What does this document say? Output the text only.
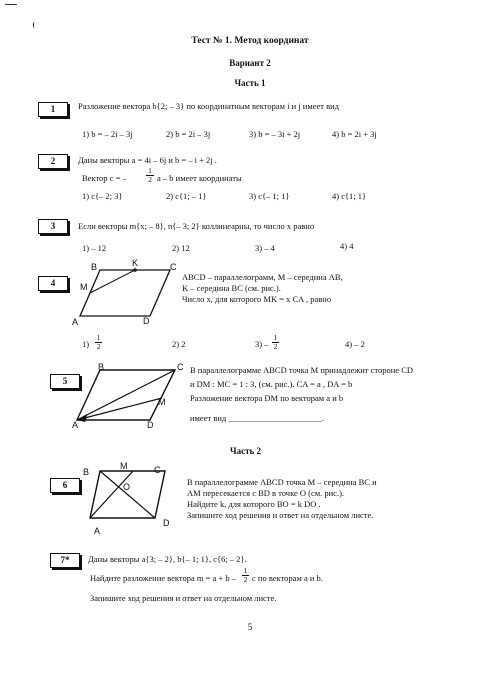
Тест № 1. Метод координат
Вариант 2
Часть 1
1	Разложение вектора b{2; – 3} по координатным векторам i и j имеет вид
1) b = – 2i – 3j	2) b = 2i – 3j	3) b = – 3i + 2j	4) b = 2i + 3j
2	Даны векторы a = 4i – 6j и b = – i + 2j .
Вектор c = –
1
2 a – b имеет координаты
1) c{– 2; 3}	2) c{1; – 1}	3) c{– 1; 1}	4) c{1; 1}
3	Если векторы m{x; – 8}, n{– 3; 2} коллинеарны, то число x равно
1) – 12	2) 12	3) – 4	4) 4
4
B	K	C
M
A	D
ABCD – параллелограмм, M – середина AB,
K – середина BC (см. рис.).
Число x, для которого MK = x CA , равно
1)
1
2	2) 2	3) –
1
2	4) – 2
5
B	C
M
A	D
В параллелограмме ABCD точка M принадлежит стороне CD
и DM : MC = 1 : 3, (см. рис.). CA = a , DA = b
Разложение вектора DM по векторам a и b
имеет вид ______________________.
Часть 2
6
B
M	C
O
A
D
В параллелограмме ABCD точка M – середина BC и
AM пересекается с BD в точке O (см. рис.).
Найдите k, для которого BO = k DO .
Запишите ход решения и ответ на отдельном листе.
7*	Даны векторы a{3; – 2}, b{– 1; 1}, c{6; – 2}.
Найдите разложение вектора m = a + b –
1
2 c по векторам a и b.
Запишите ход решения и ответ на отдельном листе.
5
